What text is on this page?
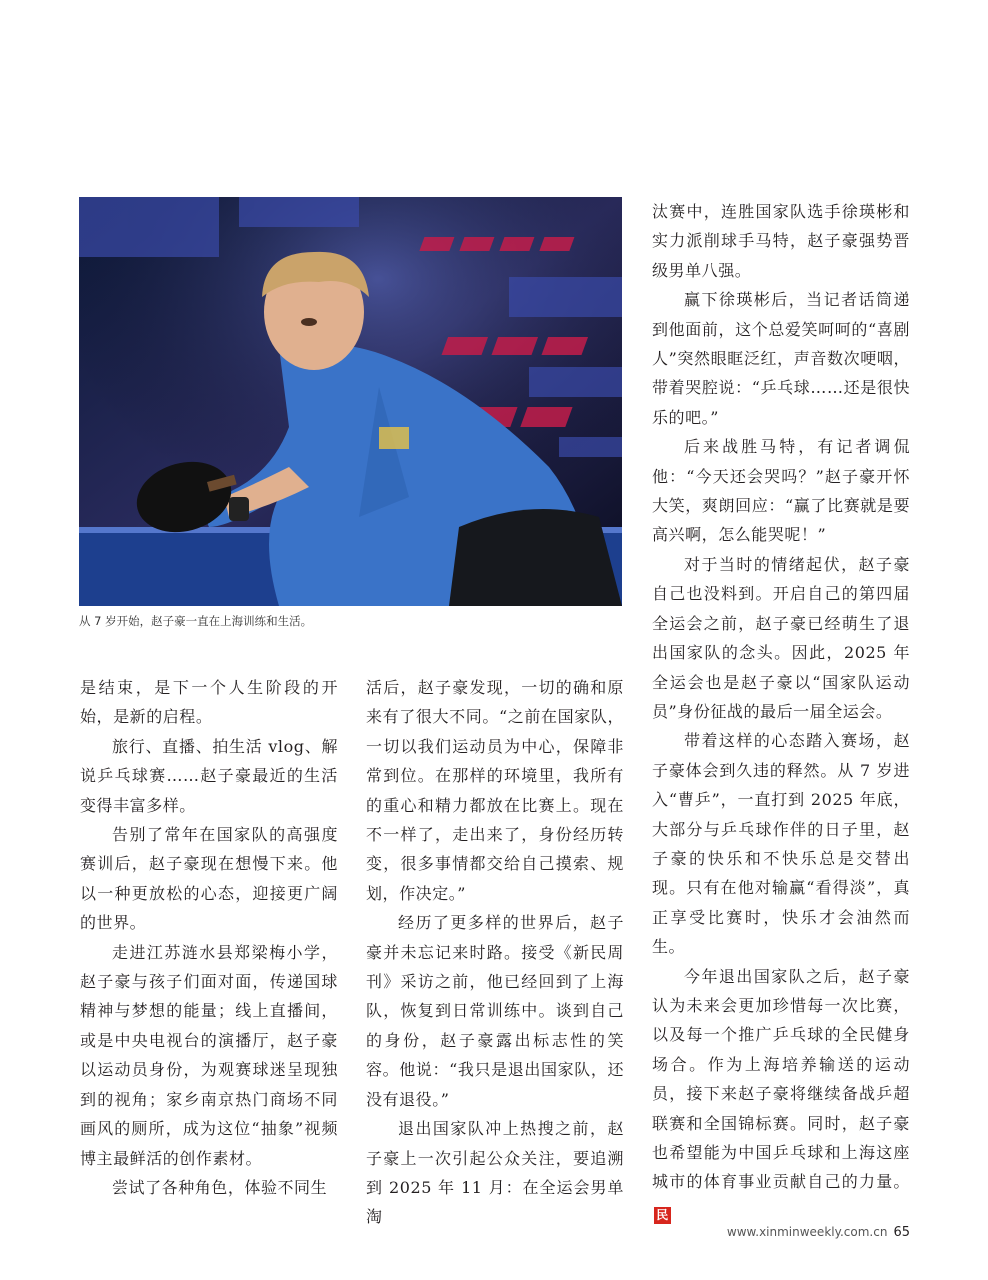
从 7 岁开始，赵子豪一直在上海训练和生活。

是结束，是下一个人生阶段的开始，是新的启程。

旅行、直播、拍生活 vlog、解说乒乓球赛……赵子豪最近的生活变得丰富多样。

告别了常年在国家队的高强度赛训后，赵子豪现在想慢下来。他以一种更放松的心态，迎接更广阔的世界。

走进江苏涟水县郑梁梅小学，赵子豪与孩子们面对面，传递国球精神与梦想的能量；线上直播间，或是中央电视台的演播厅，赵子豪以运动员身份，为观赛球迷呈现独到的视角；家乡南京热门商场不同画风的厕所，成为这位“抽象”视频博主最鲜活的创作素材。

尝试了各种角色，体验不同生

活后，赵子豪发现，一切的确和原来有了很大不同。“之前在国家队，一切以我们运动员为中心，保障非常到位。在那样的环境里，我所有的重心和精力都放在比赛上。现在不一样了，走出来了，身份经历转变，很多事情都交给自己摸索、规划，作决定。”

经历了更多样的世界后，赵子豪并未忘记来时路。接受《新民周刊》采访之前，他已经回到了上海队，恢复到日常训练中。谈到自己的身份，赵子豪露出标志性的笑容。他说：“我只是退出国家队，还没有退役。”

退出国家队冲上热搜之前，赵子豪上一次引起公众关注，要追溯到 2025 年 11 月：在全运会男单淘

汰赛中，连胜国家队选手徐瑛彬和实力派削球手马特，赵子豪强势晋级男单八强。

赢下徐瑛彬后，当记者话筒递到他面前，这个总爱笑呵呵的“喜剧人”突然眼眶泛红，声音数次哽咽，带着哭腔说：“乒乓球……还是很快乐的吧。”

后来战胜马特，有记者调侃他：“今天还会哭吗？”赵子豪开怀大笑，爽朗回应：“赢了比赛就是要高兴啊，怎么能哭呢！”

对于当时的情绪起伏，赵子豪自己也没料到。开启自己的第四届全运会之前，赵子豪已经萌生了退出国家队的念头。因此，2025 年全运会也是赵子豪以“国家队运动员”身份征战的最后一届全运会。

带着这样的心态踏入赛场，赵子豪体会到久违的释然。从 7 岁进入“曹乒”，一直打到 2025 年底，大部分与乒乓球作伴的日子里，赵子豪的快乐和不快乐总是交替出现。只有在他对输赢“看得淡”，真正享受比赛时，快乐才会油然而生。

今年退出国家队之后，赵子豪认为未来会更加珍惜每一次比赛，以及每一个推广乒乓球的全民健身场合。作为上海培养输送的运动员，接下来赵子豪将继续备战乒超联赛和全国锦标赛。同时，赵子豪也希望能为中国乒乓球和上海这座城市的体育事业贡献自己的力量。民

www.xinminweekly.com.cn 65
